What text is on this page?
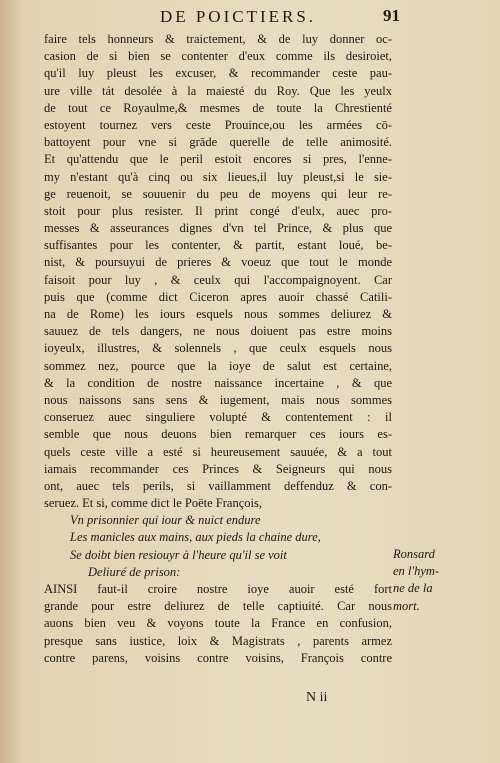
DE POICTIERS.	91
faire tels honneurs & traictement, & de luy donner oc-
casion de si bien se contenter d'eux comme ils desiroiet,
qu'il luy pleust les excuser, & recommander ceste pau-
ure ville tát desolée à la maiesté du Roy. Que les yeulx
de tout ce Royaulme,& mesmes de toute la Chrestienté
estoyent tournez vers ceste Prouince,ou les armées cō-
battoyent pour vne si grāde querelle de telle animosité.
Et qu'attendu que le peril estoit encores si pres, l'enne-
my n'estant qu'à cinq ou six lieues,il luy pleust,si le sie-
ge reuenoit, se souuenir du peu de moyens qui leur re-
stoit pour plus resister. Il print congé d'eulx, auec pro-
messes & asseurances dignes d'vn tel Prince, & plus que
suffisantes pour les contenter, & partit, estant loué, be-
nist, & poursuyui de prieres & voeuz que tout le monde
faisoit pour luy , & ceulx qui l'accompaignoyent. Car
puis que (comme dict Ciceron apres auoir chassé Catili-
na de Rome) les iours esquels nous sommes deliurez &
sauuez de tels dangers, ne nous doiuent pas estre moins
ioyeulx, illustres, & solennels , que ceulx esquels nous
sommez nez, pource que la ioye de salut est certaine,
& la condition de nostre naissance incertaine , & que
nous naissons sans sens & iugement, mais nous sommes
conseruez auec singuliere volupté & contentement : il
semble que nous deuons bien remarquer ces iours es-
quels ceste ville a esté si heureusement sauuée, & a tout
iamais recommander ces Princes & Seigneurs qui nous
ont, auec tels perils, si vaillamment deffenduz & con-
seruez. Et si, comme dict le Poëte François,
Vn prisonnier qui iour & nuict endure
Les manicles aux mains, aux pieds la chaine dure,
Se doibt bien resiouyr à l'heure qu'il se voit
Deliuré de prison:
AINSI faut-il croire nostre ioye auoir esté fort
grande pour estre deliurez de telle captiuité. Car nous
auons bien veu & voyons toute la France en confusion,
presque sans iustice, loix & Magistrats , parents armez
contre parens, voisins contre voisins, François contre
Ronsard
en l'hym-
ne de la
mort.
N ii
